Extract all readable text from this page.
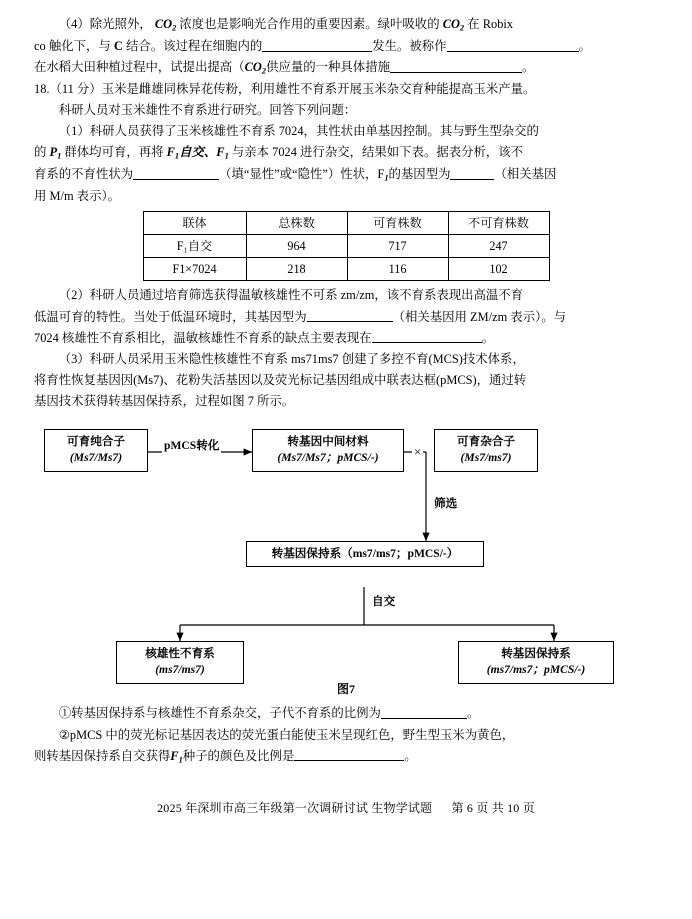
（4）除光照外， $CO_2$ 浓度也是影响光合作用的重要因素。绿叶吸收的 $CO_2$ 在 Robix

co 触化下，与 C 结合。该过程在细胞内的	发生。被称作	。

在水稻大田种植过程中，试提出提高（$CO_2$供应量的一种具体措施	。

18.（11 分）玉米是雌雄同株异花传粉，利用雄性不育系开展玉米杂交育种能提高玉米产量。

科研人员对玉米雄性不育系进行研究。回答下列问题：

（1）科研人员获得了玉米核雄性不育系 7024，其性状由单基因控制。其与野生型杂交的

的 $P_1$ 群体均可育，再将 $F_1$自交、$F_1$ 与亲本 7024 进行杂交，结果如下表。据表分析，该不

育系的不育性状为	（填“显性”或“隐性”）性状，$F_1$的基因型为	（相关基因

用 M/m 表示）。

联体	总株数	可育株数	不可育株数
F₁自交	964	717	247
F1×7024	218	116	102

（2）科研人员通过培育筛选获得温敏核雄性不可系 zm/zm，该不育系表现出高温不育

低温可育的特性。当处于低温环境时，其基因型为	（相关基因用 ZM/zm 表示）。与

7024 核雄性不育系相比，温敏核雄性不育系的缺点主要表现在	。

（3）科研人员采用玉米隐性核雄性不育系 ms71ms7 创建了多控不育(MCS)技术体系，

将育性恢复基因因(Ms7)、花粉失活基因以及荧光标记基因组成中联表达框(pMCS)，通过转

基因技术获得转基因保持系，过程如图 7 所示。

可育纯合子
(Ms7/Ms7)
pMCS转化	转基因中间材料
(Ms7/Ms7；pMCS/-)	×
可育杂合子
(Ms7/ms7)
筛选
转基因保持系（ms7/ms7；pMCS/-）
自交
核雄性不育系
(ms7/ms7)
转基因保持系
(ms7/ms7；pMCS/-)
图7

①转基因保持系与核雄性不育系杂交，子代不育系的比例为	。

②pMCS 中的荧光标记基因表达的荧光蛋白能使玉米呈现红色，野生型玉米为黄色，

则转基因保持系自交获得$F_1$种子的颜色及比例是	。

2025 年深圳市高三年级第一次调研讨试 生物学试题 第 6 页 共 10 页
